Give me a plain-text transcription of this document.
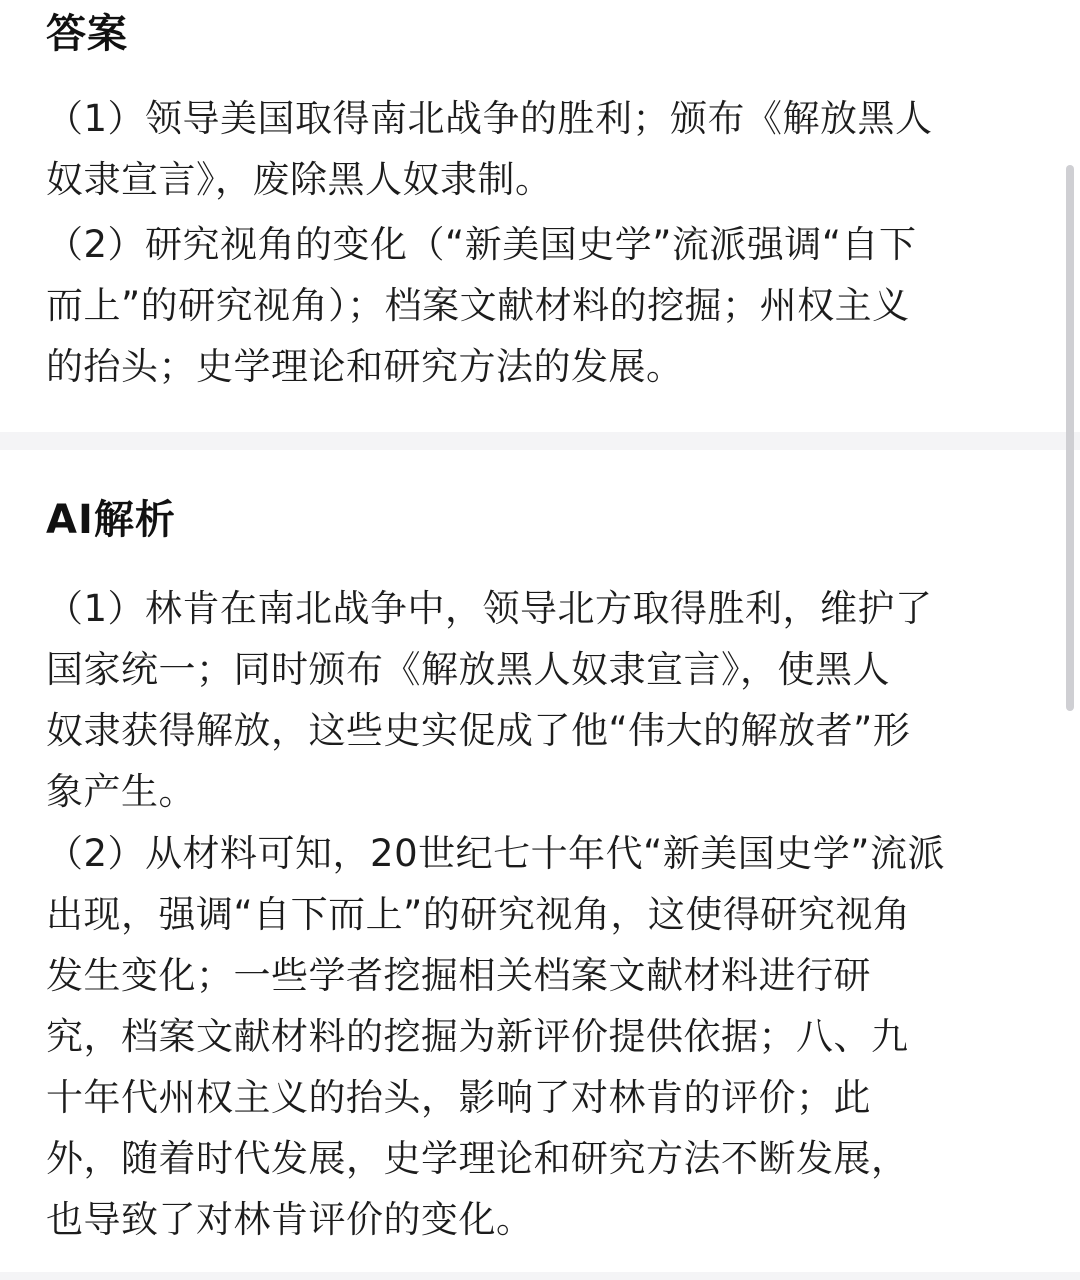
答案

（1）领导美国取得南北战争的胜利；颁布《解放黑人
奴隶宣言》，废除黑人奴隶制。

（2）研究视角的变化（“新美国史学”流派强调“自下
而上”的研究视角）；档案文献材料的挖掘；州权主义
的抬头；史学理论和研究方法的发展。

AI解析

（1）林肯在南北战争中，领导北方取得胜利，维护了
国家统一；同时颁布《解放黑人奴隶宣言》，使黑人
奴隶获得解放，这些史实促成了他“伟大的解放者”形
象产生。

（2）从材料可知，20世纪七十年代“新美国史学”流派
出现，强调“自下而上”的研究视角，这使得研究视角
发生变化；一些学者挖掘相关档案文献材料进行研
究，档案文献材料的挖掘为新评价提供依据；八、九
十年代州权主义的抬头，影响了对林肯的评价；此
外，随着时代发展，史学理论和研究方法不断发展，
也导致了对林肯评价的变化。
